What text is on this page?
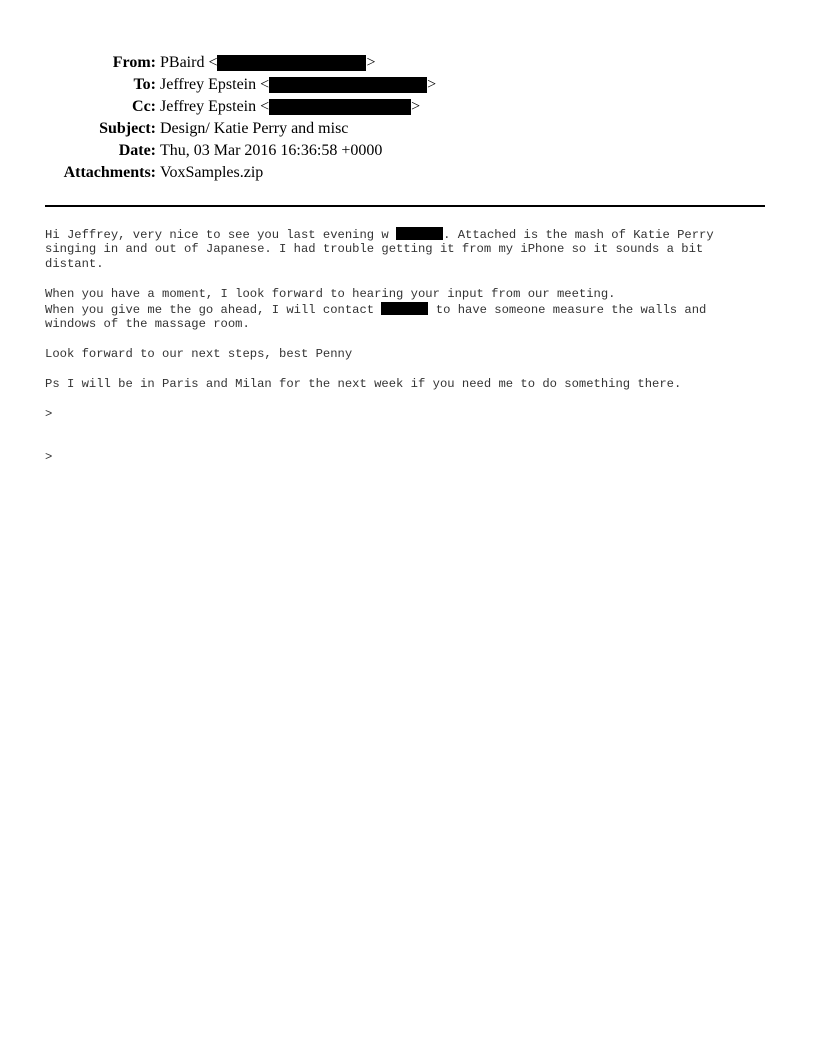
From: PBaird <	>
To: Jeffrey Epstein <	>
Cc: Jeffrey Epstein <	>
Subject: Design/ Katie Perry and misc
Date: Thu, 03 Mar 2016 16:36:58 +0000
Attachments: VoxSamples.zip
Hi Jeffrey, very nice to see you last evening w	. Attached is the mash of Katie Perry
singing in and out of Japanese. I had trouble getting it from my iPhone so it sounds a bit
distant.
When you have a moment, I look forward to hearing your input from our meeting.
When you give me the go ahead, I will contact	to have someone measure the walls and
windows of the massage room.
Look forward to our next steps, best Penny
Ps I will be in Paris and Milan for the next week if you need me to do something there.
>
>
